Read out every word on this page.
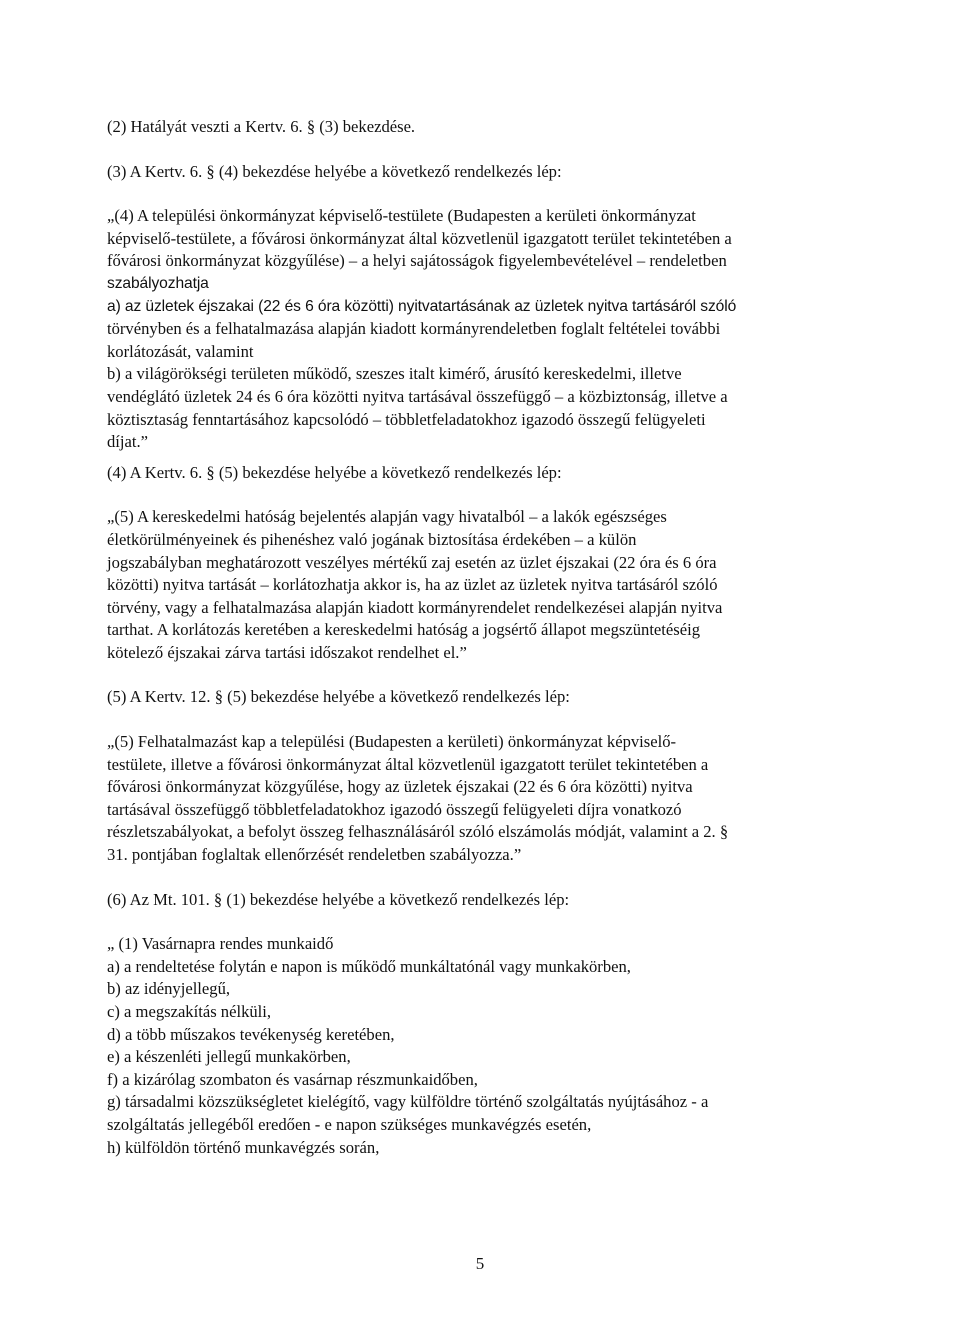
(2) Hatályát veszti a Kertv. 6. § (3) bekezdése.

(3) A Kertv. 6. § (4) bekezdése helyébe a következő rendelkezés lép:

„(4) A települési önkormányzat képviselő-testülete (Budapesten a kerületi önkormányzat
képviselő-testülete, a fővárosi önkormányzat által közvetlenül igazgatott terület tekintetében a
fővárosi önkormányzat közgyűlése) – a helyi sajátosságok figyelembevételével – rendeletben
szabályozhatja

a) az üzletek éjszakai (22 és 6 óra közötti) nyitvatartásának az üzletek nyitva tartásáról szóló
törvényben és a felhatalmazása alapján kiadott kormányrendeletben foglalt feltételei további
korlátozását, valamint

b) a világörökségi területen működő, szeszes italt kimérő, árusító kereskedelmi, illetve
vendéglátó üzletek 24 és 6 óra közötti nyitva tartásával összefüggő – a közbiztonság, illetve a
köztisztaság fenntartásához kapcsolódó – többletfeladatokhoz igazodó összegű felügyeleti
díjat.”

(4) A Kertv. 6. § (5) bekezdése helyébe a következő rendelkezés lép:

„(5) A kereskedelmi hatóság bejelentés alapján vagy hivatalból – a lakók egészséges
életkörülményeinek és pihenéshez való jogának biztosítása érdekében – a külön
jogszabályban meghatározott veszélyes mértékű zaj esetén az üzlet éjszakai (22 óra és 6 óra
közötti) nyitva tartását – korlátozhatja akkor is, ha az üzlet az üzletek nyitva tartásáról szóló
törvény, vagy a felhatalmazása alapján kiadott kormányrendelet rendelkezései alapján nyitva
tarthat. A korlátozás keretében a kereskedelmi hatóság a jogsértő állapot megszüntetéséig
kötelező éjszakai zárva tartási időszakot rendelhet el.”

(5) A Kertv. 12. § (5) bekezdése helyébe a következő rendelkezés lép:

„(5) Felhatalmazást kap a települési (Budapesten a kerületi) önkormányzat képviselő-
testülete, illetve a fővárosi önkormányzat által közvetlenül igazgatott terület tekintetében a
fővárosi önkormányzat közgyűlése, hogy az üzletek éjszakai (22 és 6 óra közötti) nyitva
tartásával összefüggő többletfeladatokhoz igazodó összegű felügyeleti díjra vonatkozó
részletszabályokat, a befolyt összeg felhasználásáról szóló elszámolás módját, valamint a 2. §
31. pontjában foglaltak ellenőrzését rendeletben szabályozza.”

(6) Az Mt. 101. § (1) bekezdése helyébe a következő rendelkezés lép:

„ (1) Vasárnapra rendes munkaidő
a) a rendeltetése folytán e napon is működő munkáltatónál vagy munkakörben,
b) az idényjellegű,
c) a megszakítás nélküli,
d) a több műszakos tevékenység keretében,
e) a készenléti jellegű munkakörben,
f) a kizárólag szombaton és vasárnap részmunkaidőben,
g) társadalmi közszükségletet kielégítő, vagy külföldre történő szolgáltatás nyújtásához - a
szolgáltatás jellegéből eredően - e napon szükséges munkavégzés esetén,
h) külföldön történő munkavégzés során,

5
